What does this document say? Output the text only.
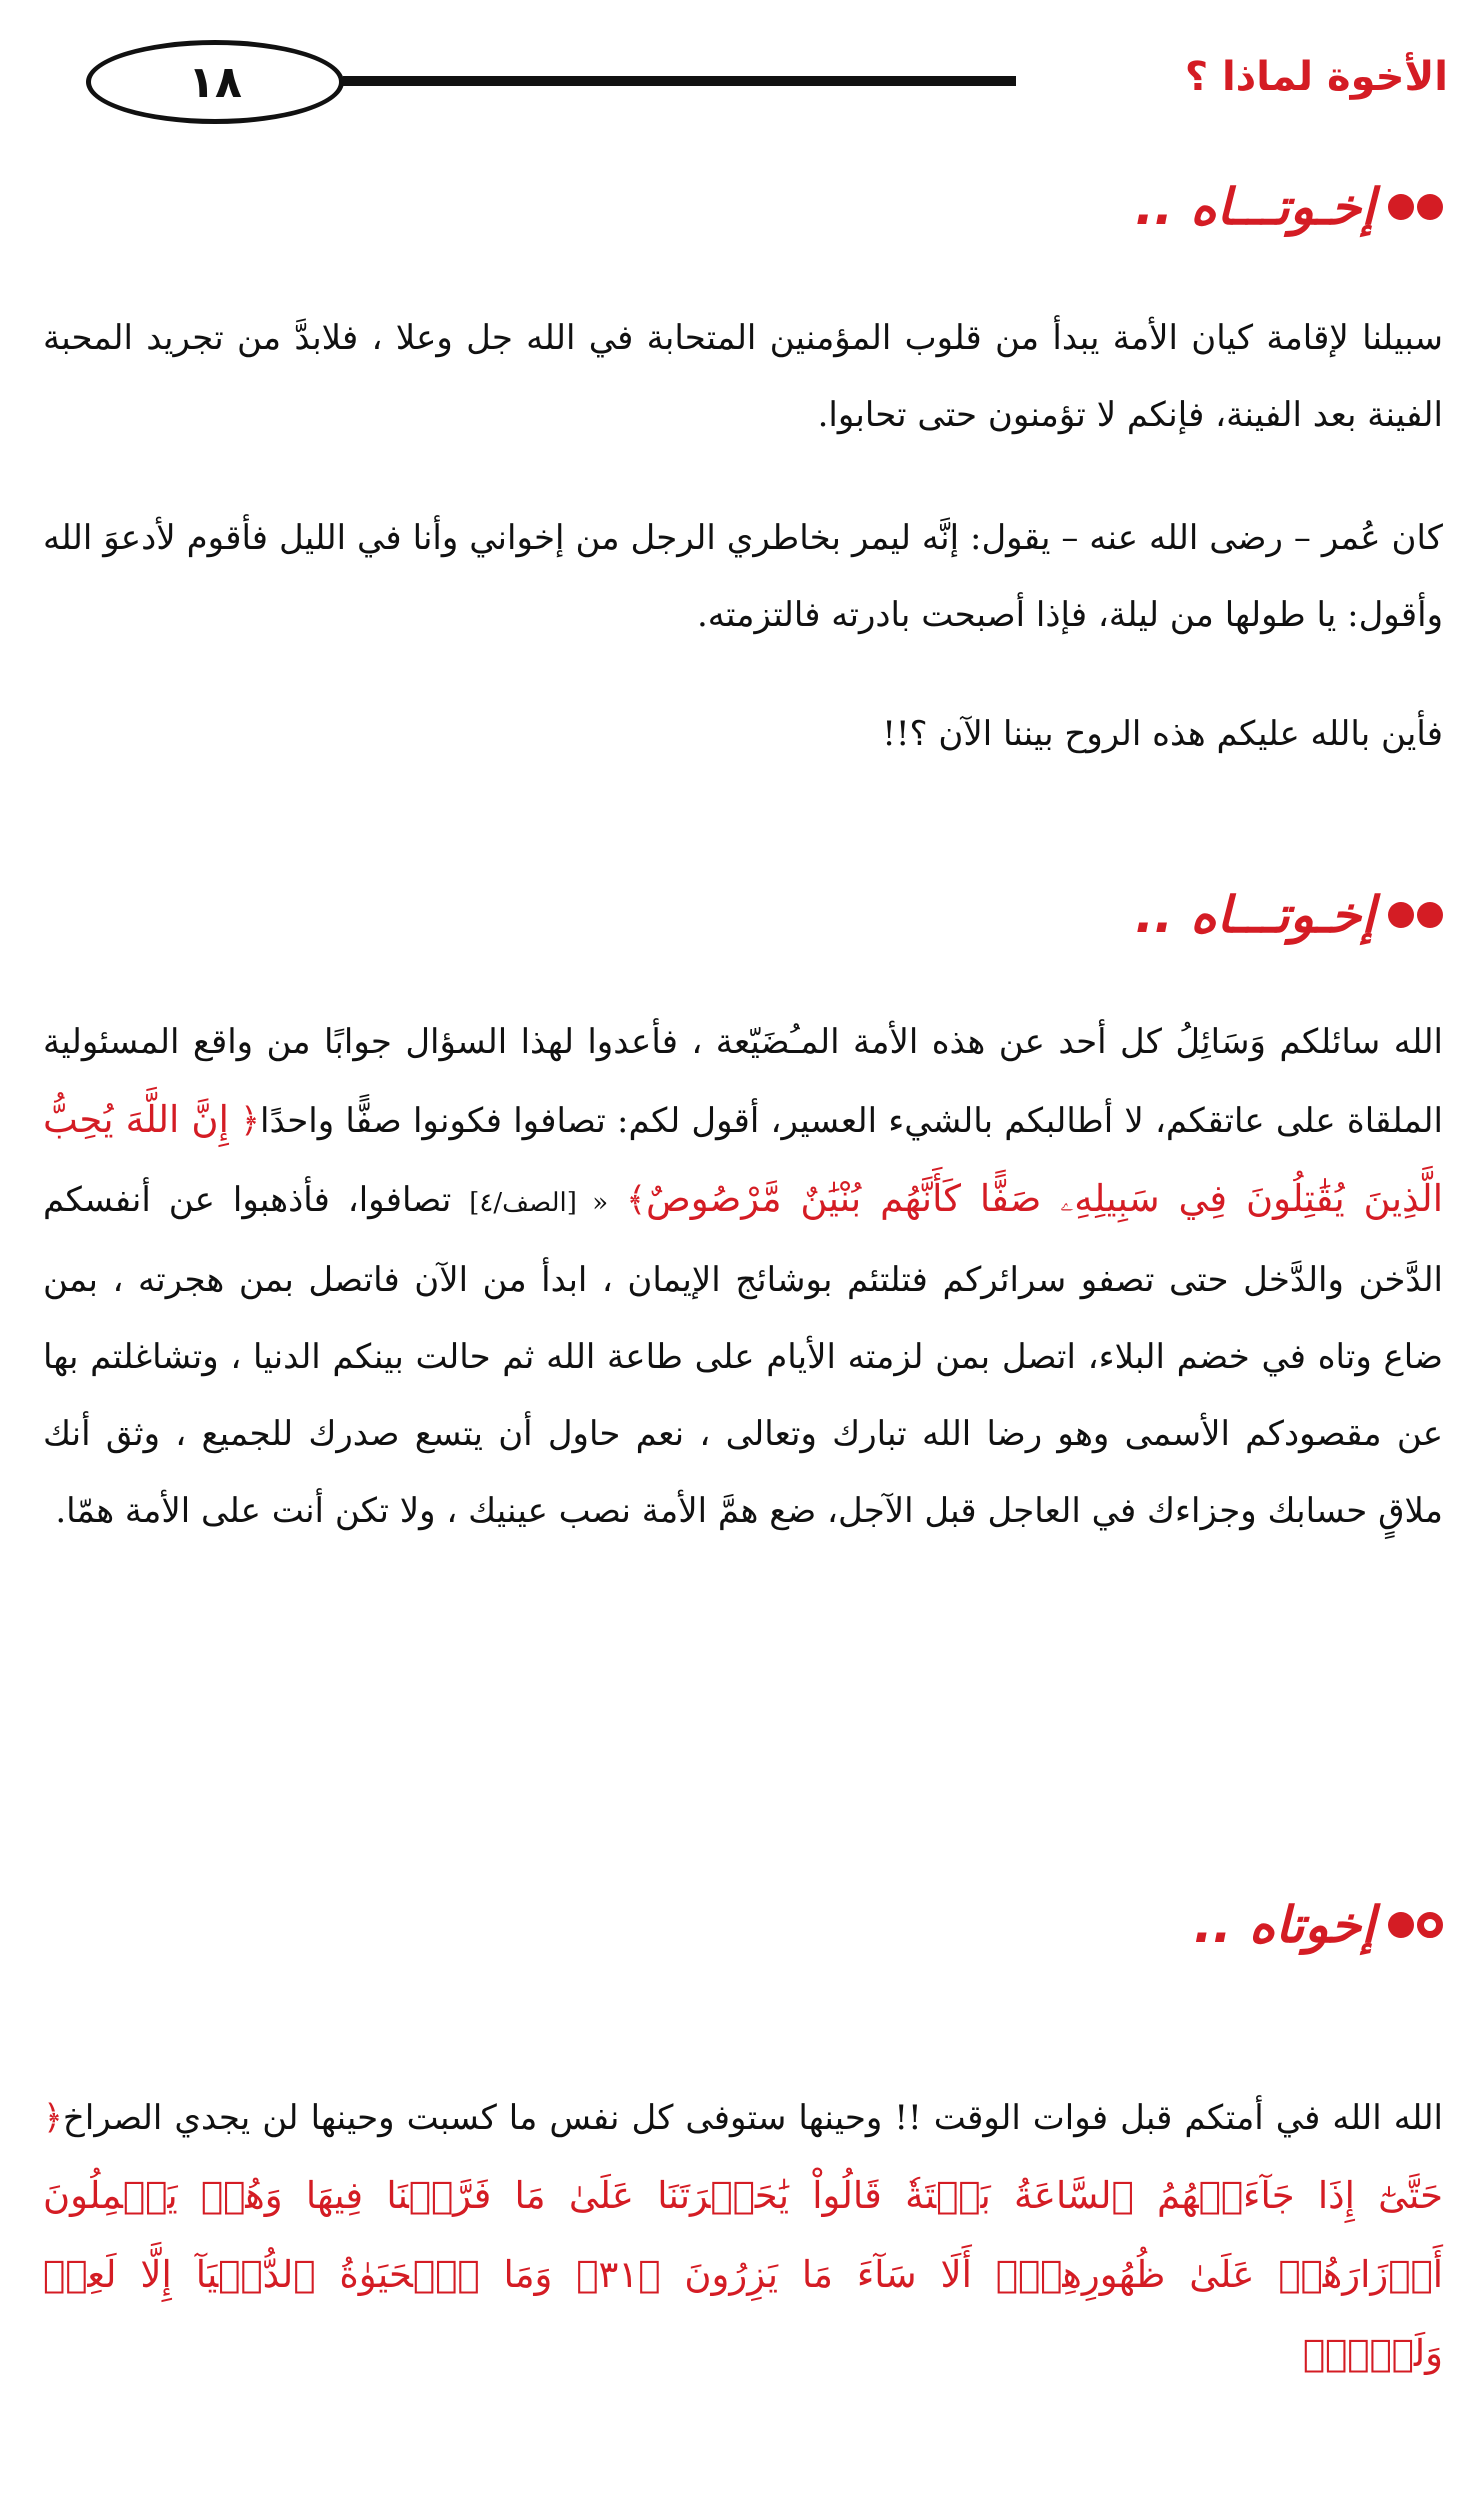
١٨	الأخوة لماذا ؟
إخـوتـــاه ..

سبيلنا لإقامة كيان الأمة يبدأ من قلوب المؤمنين المتحابة في الله جل وعلا ، فلابدَّ من تجريد المحبة الفينة بعد الفينة، فإنكم لا تؤمنون حتى تحابوا.

كان عُمر – رضى الله عنه – يقول: إنَّه ليمر بخاطري الرجل من إخواني وأنا في الليل فأقوم لأدعوَ الله وأقول: يا طولها من ليلة، فإذا أصبحت بادرته فالتزمته.

فأين بالله عليكم هذه الروح بيننا الآن ؟!!

إخـوتـــاه ..

الله سائلكم وَسَائِلُ كل أحد عن هذه الأمة المـُضَيّعة ، فأعدوا لهذا السؤال جوابًا من واقع المسئولية الملقاة على عاتقكم، لا أطالبكم بالشيء العسير، أقول لكم: تصافوا فكونوا صفًّا واحدًا﴿ إِنَّ اللَّهَ يُحِبُّ الَّذِينَ يُقَٰتِلُونَ فِي سَبِيلِهِۦ صَفًّا كَأَنَّهُم بُنْيَٰنٌ مَّرْصُوصٌ﴾ « [الصف/٤] تصافوا، فأذهبوا عن أنفسكم الدَّخن والدَّخل حتى تصفو سرائركم فتلتئم بوشائج الإيمان ، ابدأ من الآن فاتصل بمن هجرته ، بمن ضاع وتاه في خضم البلاء، اتصل بمن لزمته الأيام على طاعة الله ثم حالت بينكم الدنيا ، وتشاغلتم بها عن مقصودكم الأسمى وهو رضا الله تبارك وتعالى ، نعم حاول أن يتسع صدرك للجميع ، وثق أنك ملاقٍ حسابك وجزاءك في العاجل قبل الآجل، ضع همَّ الأمة نصب عينيك ، ولا تكن أنت على الأمة همّا.

إخوتاه ..

الله الله في أمتكم قبل فوات الوقت !! وحينها ستوفى كل نفس ما كسبت وحينها لن يجدي الصراخ﴿ حَتَّىٰٓ إِذَا جَآءَتۡهُمُ ٱلسَّاعَةُ بَغۡتَةٗ قَالُواْ يَٰحَسۡرَتَنَا عَلَىٰ مَا فَرَّطۡنَا فِيهَا وَهُمۡ يَحۡمِلُونَ أَوۡزَارَهُمۡ عَلَىٰ ظُهُورِهِمۡۚ أَلَا سَآءَ مَا يَزِرُونَ ﴿٣١﴾ وَمَا ٱلۡحَيَوٰةُ ٱلدُّنۡيَآ إِلَّا لَعِبٞ وَلَهۡوٞۖ
